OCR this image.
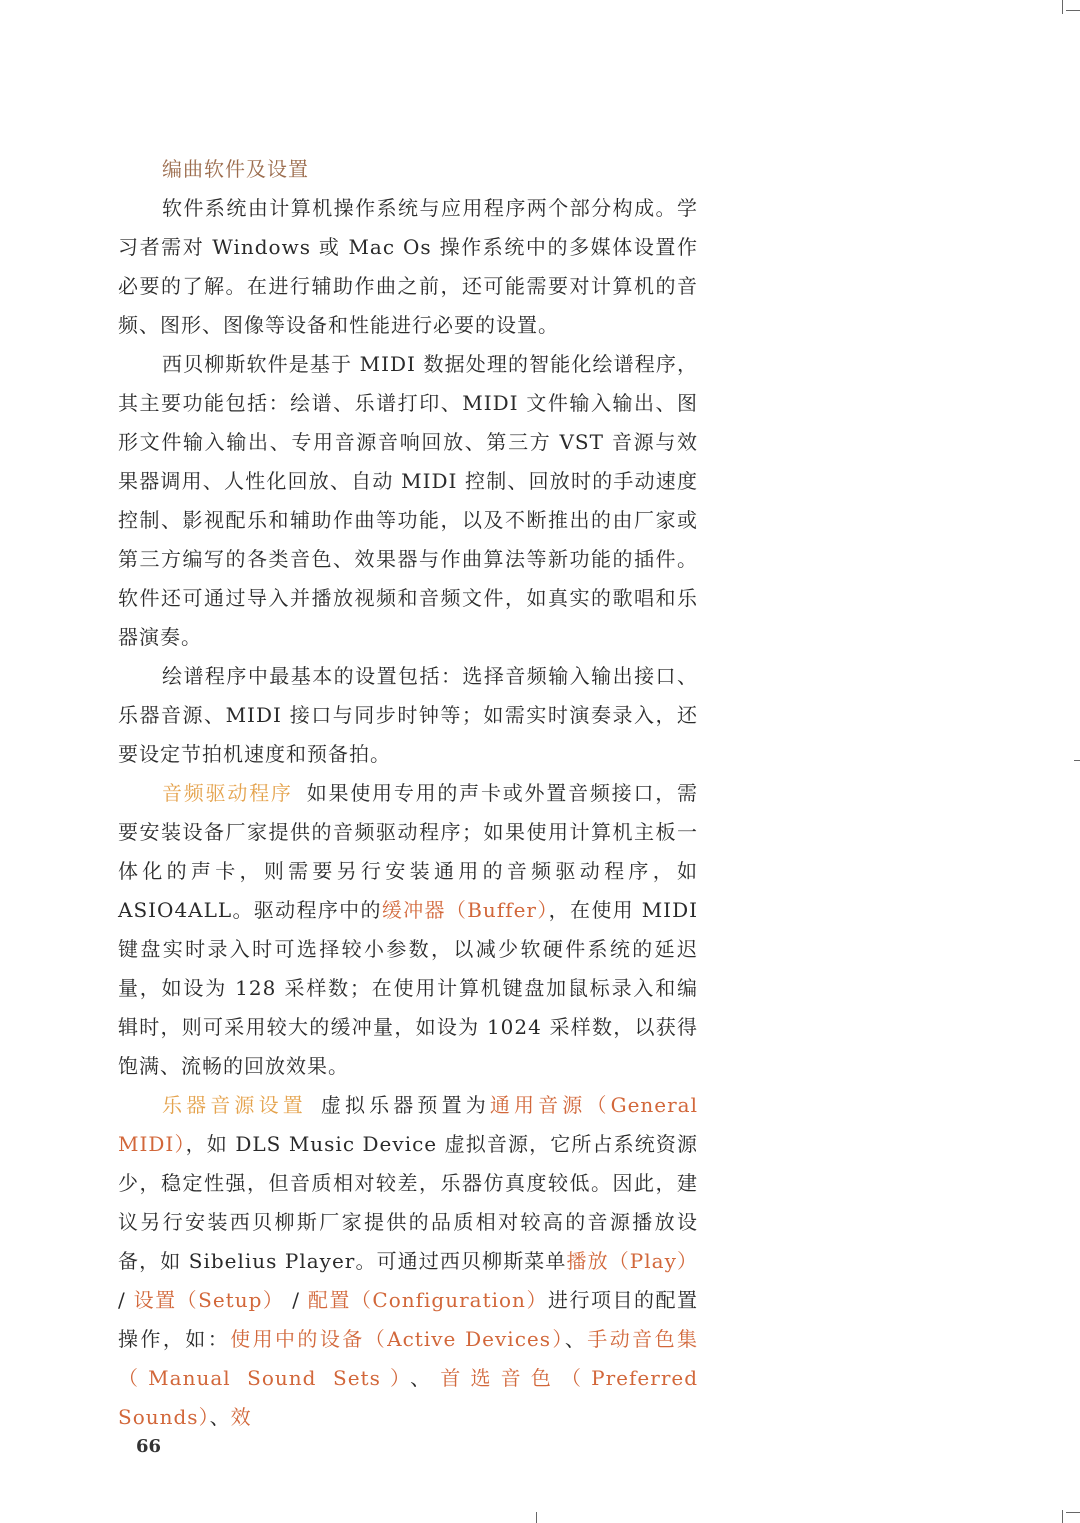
编曲软件及设置

软件系统由计算机操作系统与应用程序两个部分构成。学习者需对 Windows 或 Mac Os 操作系统中的多媒体设置作必要的了解。在进行辅助作曲之前，还可能需要对计算机的音频、图形、图像等设备和性能进行必要的设置。

西贝柳斯软件是基于 MIDI 数据处理的智能化绘谱程序，其主要功能包括：绘谱、乐谱打印、MIDI 文件输入输出、图形文件输入输出、专用音源音响回放、第三方 VST 音源与效果器调用、人性化回放、自动 MIDI 控制、回放时的手动速度控制、影视配乐和辅助作曲等功能，以及不断推出的由厂家或第三方编写的各类音色、效果器与作曲算法等新功能的插件。软件还可通过导入并播放视频和音频文件，如真实的歌唱和乐器演奏。

绘谱程序中最基本的设置包括：选择音频输入输出接口、乐器音源、MIDI 接口与同步时钟等；如需实时演奏录入，还要设定节拍机速度和预备拍。

音频驱动程序 如果使用专用的声卡或外置音频接口，需要安装设备厂家提供的音频驱动程序；如果使用计算机主板一体化的声卡，则需要另行安装通用的音频驱动程序，如 ASIO4ALL。驱动程序中的缓冲器（Buffer），在使用 MIDI 键盘实时录入时可选择较小参数，以减少软硬件系统的延迟量，如设为 128 采样数；在使用计算机键盘加鼠标录入和编辑时，则可采用较大的缓冲量，如设为 1024 采样数，以获得饱满、流畅的回放效果。

乐器音源设置 虚拟乐器预置为通用音源（General MIDI），如 DLS Music Device 虚拟音源，它所占系统资源少，稳定性强，但音质相对较差，乐器仿真度较低。因此，建议另行安装西贝柳斯厂家提供的品质相对较高的音源播放设备，如 Sibelius Player。可通过西贝柳斯菜单播放（Play） / 设置（Setup） / 配置（Configuration）进行项目的配置操作，如：使用中的设备（Active Devices）、手动音色集（Manual Sound Sets）、首选音色（Preferred Sounds）、效

66
